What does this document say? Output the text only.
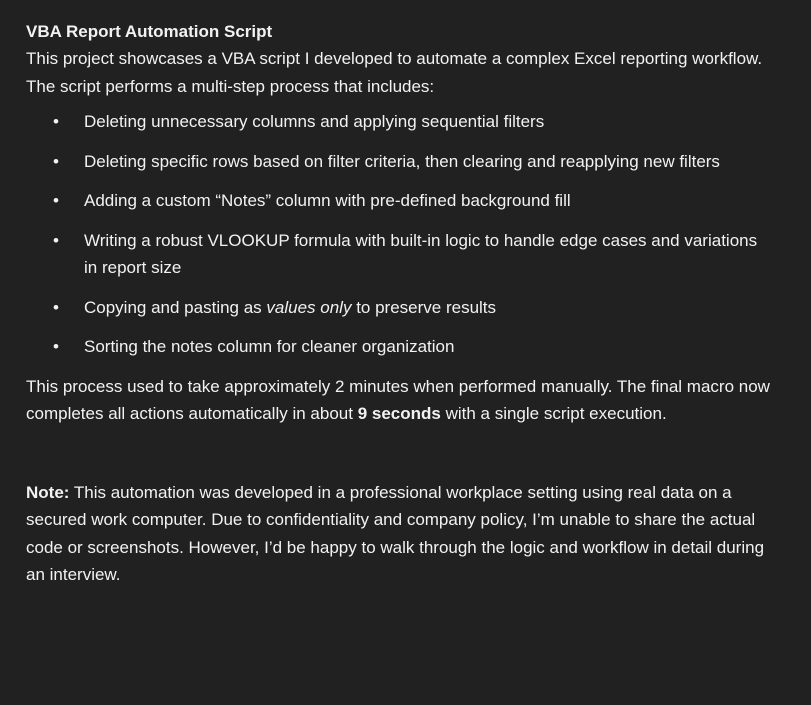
VBA Report Automation Script

This project showcases a VBA script I developed to automate a complex Excel reporting workflow. The script performs a multi-step process that includes:

• Deleting unnecessary columns and applying sequential filters
• Deleting specific rows based on filter criteria, then clearing and reapplying new filters
• Adding a custom “Notes” column with pre-defined background fill
• Writing a robust VLOOKUP formula with built-in logic to handle edge cases and variations in report size
• Copying and pasting as values only to preserve results
• Sorting the notes column for cleaner organization

This process used to take approximately 2 minutes when performed manually. The final macro now completes all actions automatically in about 9 seconds with a single script execution.

Note: This automation was developed in a professional workplace setting using real data on a secured work computer. Due to confidentiality and company policy, I’m unable to share the actual code or screenshots. However, I’d be happy to walk through the logic and workflow in detail during an interview.
